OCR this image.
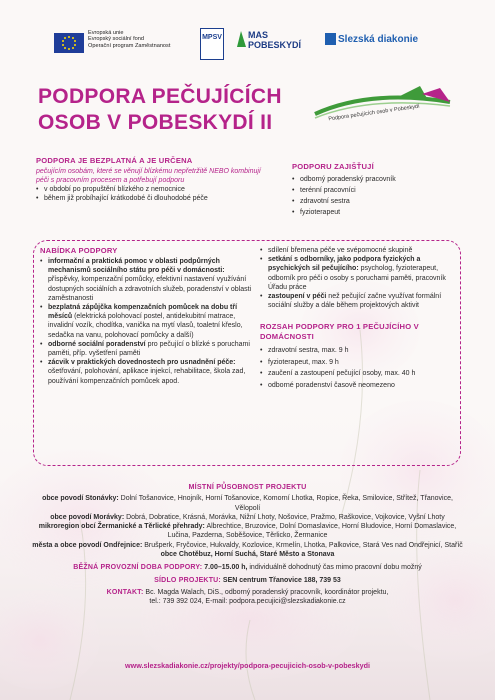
Evropská unie
Evropský sociální fond
Operační program Zaměstnanost
MPSV	MAS
POBESKYDÍ	Slezská diakonie
PODPORA PEČUJÍCÍCH
OSOB V POBESKYDÍ II	Podpora pečujících osob v Pobeskydí
PODPORA JE BEZPLATNÁ A JE URČENA
pečujícím osobám, které se věnují blízkému nepřetržitě NEBO kombinují péči s pracovním procesem a potřebují podporu
• v období po propuštění blízkého z nemocnice
• během již probíhající krátkodobé či dlouhodobé péče
PODPORU ZAJIŠŤUJÍ
• odborný poradenský pracovník
• terénní pracovníci
• zdravotní sestra
• fyzioterapeut
NABÍDKA PODPORY
• informační a praktická pomoc v oblasti podpůrných mechanismů sociálního státu pro péči v domácnosti: příspěvky, kompenzační pomůcky, efektivní nastavení využívání dostupných sociálních a zdravotních služeb, poradenství v oblasti zaměstnanosti
• bezplatná zápůjčka kompenzačních pomůcek na dobu tří měsíců (elektrická polohovací postel, antidekubitní matrace, invalidní vozík, chodítka, vanička na mytí vlasů, toaletní křeslo, sedačka na vanu, polohovací pomůcky a další)
• odborné sociální poradenství pro pečující o blízké s poruchami paměti, příp. vyšetření paměti
• zácvik v praktických dovednostech pro usnadnění péče: ošetřování, polohování, aplikace injekcí, rehabilitace, škola zad, používání kompenzačních pomůcek apod.
• sdílení břemena péče ve svépomocné skupině
• setkání s odborníky, jako podpora fyzických a psychických sil pečujícího: psycholog, fyzioterapeut, odborník pro péči o osoby s poruchami paměti, pracovník Úřadu práce
• zastoupení v péči než pečující začne využívat formální sociální služby a dále během projektových aktivit
ROZSAH PODPORY PRO 1 PEČUJÍCÍHO V DOMÁCNOSTI
• zdravotní sestra, max. 9 h
• fyzioterapeut, max. 9 h
• zaučení a zastoupení pečující osoby, max. 40 h
• odborné poradenství časově neomezeno
MÍSTNÍ PŮSOBNOST PROJEKTU
obce povodí Stonávky: Dolní Tošanovice, Hnojník, Horní Tošanovice, Komorní Lhotka, Ropice, Řeka, Smilovice, Střítež, Třanovice, Vělopolí
obce povodí Morávky: Dobrá, Dobratice, Krásná, Morávka, Nižní Lhoty, Nošovice, Pražmo, Raškovice, Vojkovice, Vyšní Lhoty
mikroregion obcí Žermanické a Těrlické přehrady: Albrechtice, Bruzovice, Dolní Domaslavice, Horní Bludovice, Horní Domaslavice, Lučina, Pazderna, Soběšovice, Těrlicko, Žermanice
města a obce povodí Ondřejnice: Brušperk, Fryčovice, Hukvaldy, Kozlovice, Krmelín, Lhotka, Palkovice, Stará Ves nad Ondřejnicí, Staříč
obce Chotěbuz, Horní Suchá, Staré Město a Stonava
BĚŽNÁ PROVOZNÍ DOBA PODPORY: 7.00–15.00 h, individuálně dohodnutý čas mimo pracovní dobu možný
SÍDLO PROJEKTU: SEN centrum Třanovice 188, 739 53
KONTAKT: Bc. Magda Walach, DiS., odborný poradenský pracovník, koordinátor projektu,
tel.: 739 392 024, E-mail: podpora.pecujici@slezskadiakonie.cz
www.slezskadiakonie.cz/projekty/podpora-pecujicich-osob-v-pobeskydi
